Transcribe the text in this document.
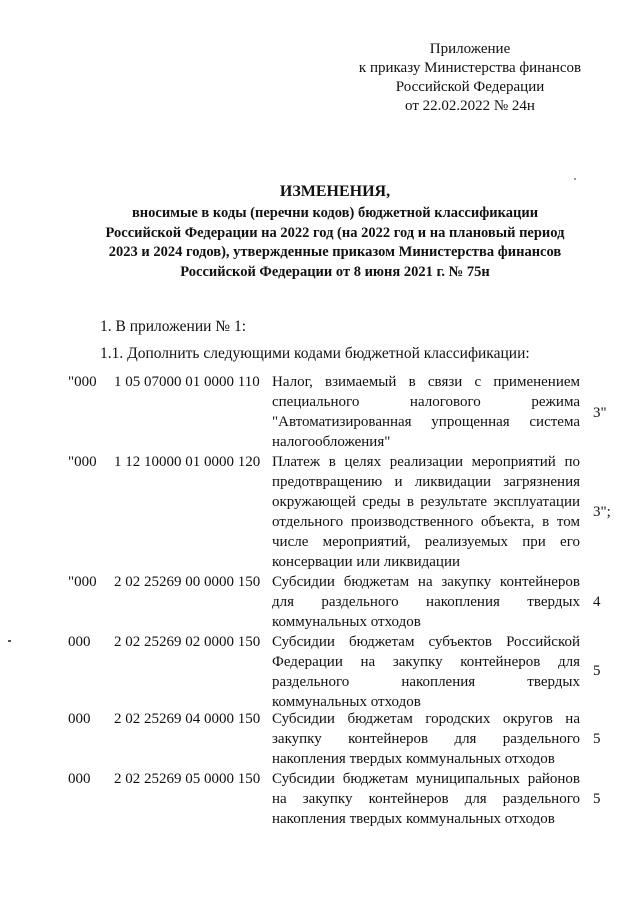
Приложение
к приказу Министерства финансов
Российской Федерации
от 22.02.2022 № 24н
ИЗМЕНЕНИЯ,
вносимые в коды (перечни кодов) бюджетной классификации
Российской Федерации на 2022 год (на 2022 год и на плановый период
2023 и 2024 годов), утвержденные приказом Министерства финансов
Российской Федерации от 8 июня 2021 г. № 75н
1. В приложении № 1:
1.1. Дополнить следующими кодами бюджетной классификации:
"000 1 05 07000 01 0000 110 Налог, взимаемый в связи с применением
специального налогового режима
"Автоматизированная упрощенная система
налогообложения"
3"
"000 1 12 10000 01 0000 120 Платеж в целях реализации мероприятий по
предотвращению и ликвидации загрязнения
окружающей среды в результате эксплуатации
отдельного производственного объекта, в том
числе мероприятий, реализуемых при его
консервации или ликвидации
3";
"000 2 02 25269 00 0000 150 Субсидии бюджетам на закупку контейнеров
для раздельного накопления твердых
коммунальных отходов
4
000 2 02 25269 02 0000 150 Субсидии бюджетам субъектов Российской
Федерации на закупку контейнеров для
раздельного накопления твердых
коммунальных отходов
5
000 2 02 25269 04 0000 150 Субсидии бюджетам городских округов на
закупку контейнеров для раздельного
накопления твердых коммунальных отходов
5
000 2 02 25269 05 0000 150 Субсидии бюджетам муниципальных районов
на закупку контейнеров для раздельного
накопления твердых коммунальных отходов
5
